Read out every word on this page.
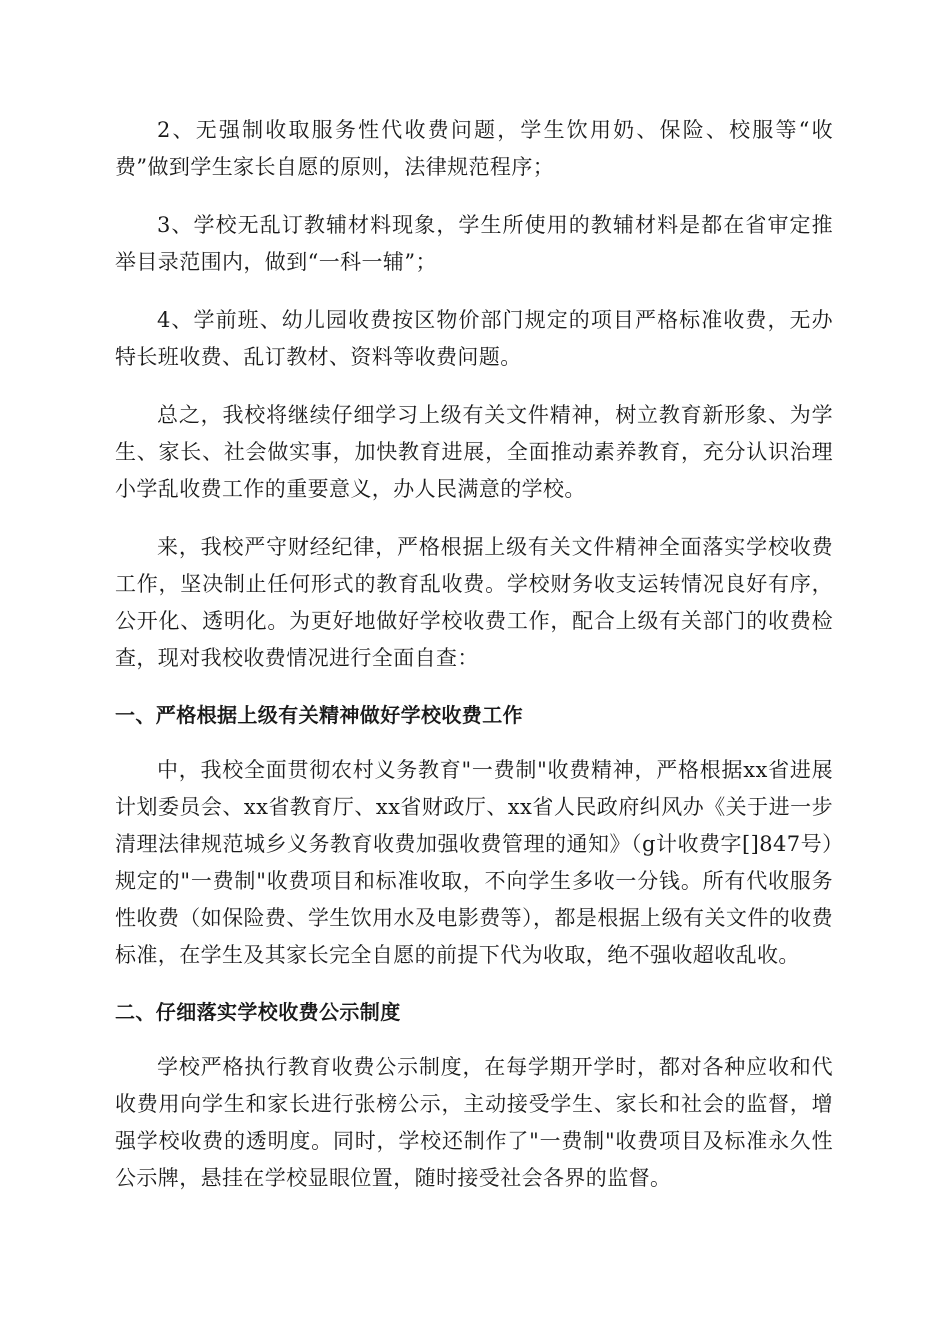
2、无强制收取服务性代收费问题，学生饮用奶、保险、校服等“收费”做到学生家长自愿的原则，法律规范程序；

3、学校无乱订教辅材料现象，学生所使用的教辅材料是都在省审定推举目录范围内，做到“一科一辅”；

4、学前班、幼儿园收费按区物价部门规定的项目严格标准收费，无办特长班收费、乱订教材、资料等收费问题。

总之，我校将继续仔细学习上级有关文件精神，树立教育新形象、为学生、家长、社会做实事，加快教育进展，全面推动素养教育，充分认识治理小学乱收费工作的重要意义，办人民满意的学校。

来，我校严守财经纪律，严格根据上级有关文件精神全面落实学校收费工作，坚决制止任何形式的教育乱收费。学校财务收支运转情况良好有序，公开化、透明化。为更好地做好学校收费工作，配合上级有关部门的收费检查，现对我校收费情况进行全面自查：

一、严格根据上级有关精神做好学校收费工作

中，我校全面贯彻农村义务教育"一费制"收费精神，严格根据xx省进展计划委员会、xx省教育厅、xx省财政厅、xx省人民政府纠风办《关于进一步清理法律规范城乡义务教育收费加强收费管理的通知》（g计收费字[]847号）规定的"一费制"收费项目和标准收取，不向学生多收一分钱。所有代收服务性收费（如保险费、学生饮用水及电影费等），都是根据上级有关文件的收费标准，在学生及其家长完全自愿的前提下代为收取，绝不强收超收乱收。

二、仔细落实学校收费公示制度

学校严格执行教育收费公示制度，在每学期开学时，都对各种应收和代收费用向学生和家长进行张榜公示，主动接受学生、家长和社会的监督，增强学校收费的透明度。同时，学校还制作了"一费制"收费项目及标准永久性公示牌，悬挂在学校显眼位置，随时接受社会各界的监督。
